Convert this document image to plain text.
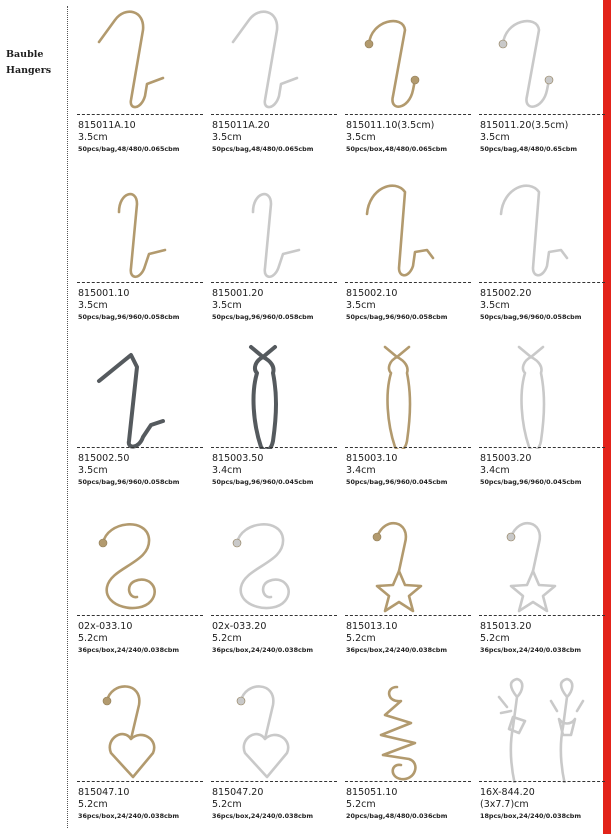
Bauble
Hangers
815011A.10
3.5cm
50pcs/bag,48/480/0.065cbm
815011A.20
3.5cm
50pcs/bag,48/480/0.065cbm
815011.10(3.5cm)
3.5cm
50pcs/box,48/480/0.065cbm
815011.20(3.5cm)
3.5cm
50pcs/bag,48/480/0.65cbm
815001.10
3.5cm
50pcs/bag,96/960/0.058cbm
815001.20
3.5cm
50pcs/bag,96/960/0.058cbm
815002.10
3.5cm
50pcs/bag,96/960/0.058cbm
815002.20
3.5cm
50pcs/bag,96/960/0.058cbm
815002.50
3.5cm
50pcs/bag,96/960/0.058cbm
815003.50
3.4cm
50pcs/bag,96/960/0.045cbm
815003.10
3.4cm
50pcs/bag,96/960/0.045cbm
815003.20
3.4cm
50pcs/bag,96/960/0.045cbm
02x-033.10
5.2cm
36pcs/box,24/240/0.038cbm
02x-033.20
5.2cm
36pcs/box,24/240/0.038cbm
815013.10
5.2cm
36pcs/box,24/240/0.038cbm
815013.20
5.2cm
36pcs/box,24/240/0.038cbm
815047.10
5.2cm
36pcs/box,24/240/0.038cbm
815047.20
5.2cm
36pcs/box,24/240/0.038cbm
815051.10
5.2cm
20pcs/bag,48/480/0.036cbm
16X-844.20
(3x7.7)cm
18pcs/box,24/240/0.038cbm
